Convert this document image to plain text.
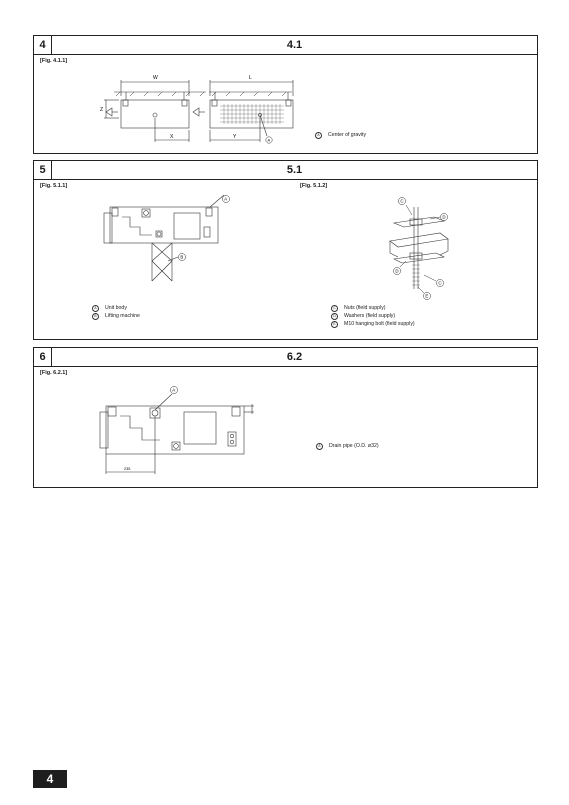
4	4.1
[Fig. 4.1.1]
W	L
Z
X	Y
A
A	Center of gravity
5	5.1
[Fig. 5.1.1]	[Fig. 5.1.2]
A
B
C
D
D
C
E
A	Unit body
B	Lifting machine
C	Nuts (field supply)
D	Washers (field supply)
E	M10 hanging bolt (field supply)
6	6.2
[Fig. 6.2.1]
A
235
A	Drain pipe (O.D. ø32)
4
